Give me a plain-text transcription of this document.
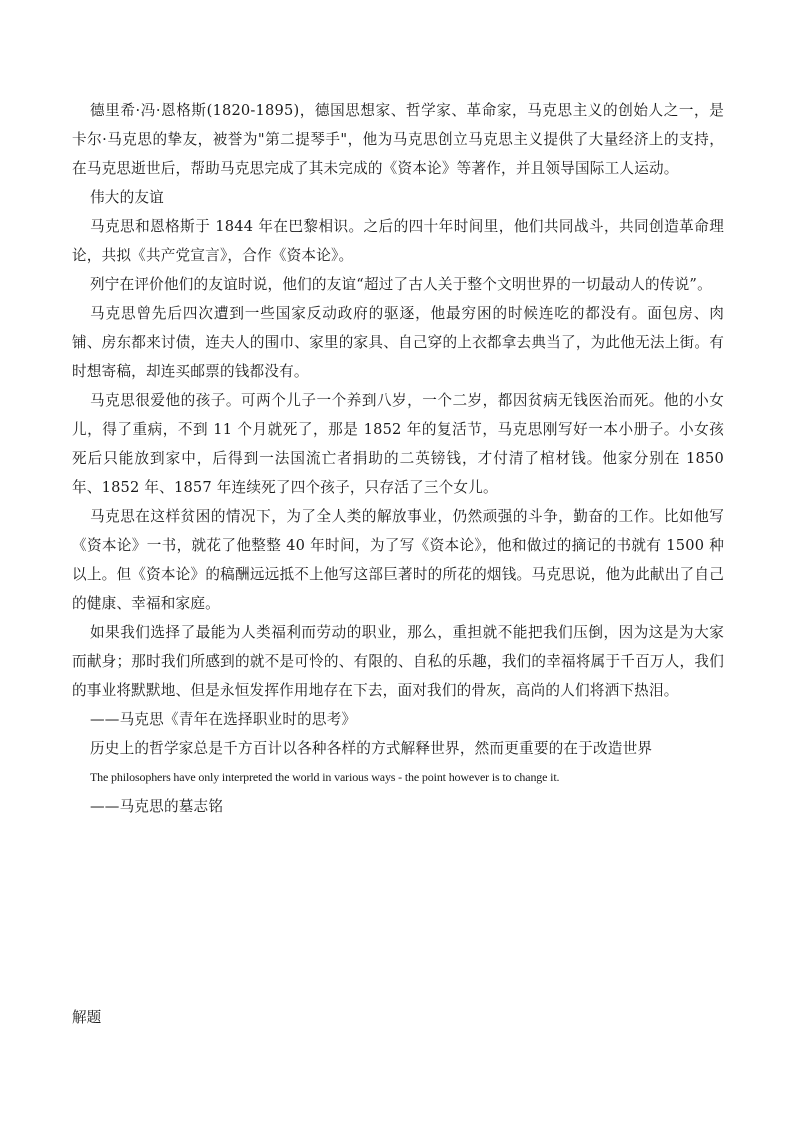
德里希·冯·恩格斯(1820-1895)，德国思想家、哲学家、革命家，马克思主义的创始人之一，是卡尔·马克思的挚友，被誉为"第二提琴手"，他为马克思创立马克思主义提供了大量经济上的支持，在马克思逝世后，帮助马克思完成了其未完成的《资本论》等著作，并且领导国际工人运动。

伟大的友谊

马克思和恩格斯于 1844 年在巴黎相识。之后的四十年时间里，他们共同战斗，共同创造革命理论，共拟《共产党宣言》，合作《资本论》。

列宁在评价他们的友谊时说，他们的友谊“超过了古人关于整个文明世界的一切最动人的传说”。

马克思曾先后四次遭到一些国家反动政府的驱逐，他最穷困的时候连吃的都没有。面包房、肉铺、房东都来讨债，连夫人的围巾、家里的家具、自己穿的上衣都拿去典当了，为此他无法上街。有时想寄稿，却连买邮票的钱都没有。

马克思很爱他的孩子。可两个儿子一个养到八岁，一个二岁，都因贫病无钱医治而死。他的小女儿，得了重病，不到 11 个月就死了，那是 1852 年的复活节，马克思刚写好一本小册子。小女孩死后只能放到家中，后得到一法国流亡者捐助的二英镑钱，才付清了棺材钱。他家分别在 1850 年、1852 年、1857 年连续死了四个孩子，只存活了三个女儿。

马克思在这样贫困的情况下，为了全人类的解放事业，仍然顽强的斗争，勤奋的工作。比如他写《资本论》一书，就花了他整整 40 年时间，为了写《资本论》，他和做过的摘记的书就有 1500 种以上。但《资本论》的稿酬远远抵不上他写这部巨著时的所花的烟钱。马克思说，他为此献出了自己的健康、幸福和家庭。

如果我们选择了最能为人类福利而劳动的职业，那么，重担就不能把我们压倒，因为这是为大家而献身；那时我们所感到的就不是可怜的、有限的、自私的乐趣，我们的幸福将属于千百万人，我们的事业将默默地、但是永恒发挥作用地存在下去，面对我们的骨灰，高尚的人们将洒下热泪。

——马克思《青年在选择职业时的思考》

历史上的哲学家总是千方百计以各种各样的方式解释世界，然而更重要的在于改造世界

The philosophers have only interpreted the world in various ways - the point however is to change it.

——马克思的墓志铭

解题
